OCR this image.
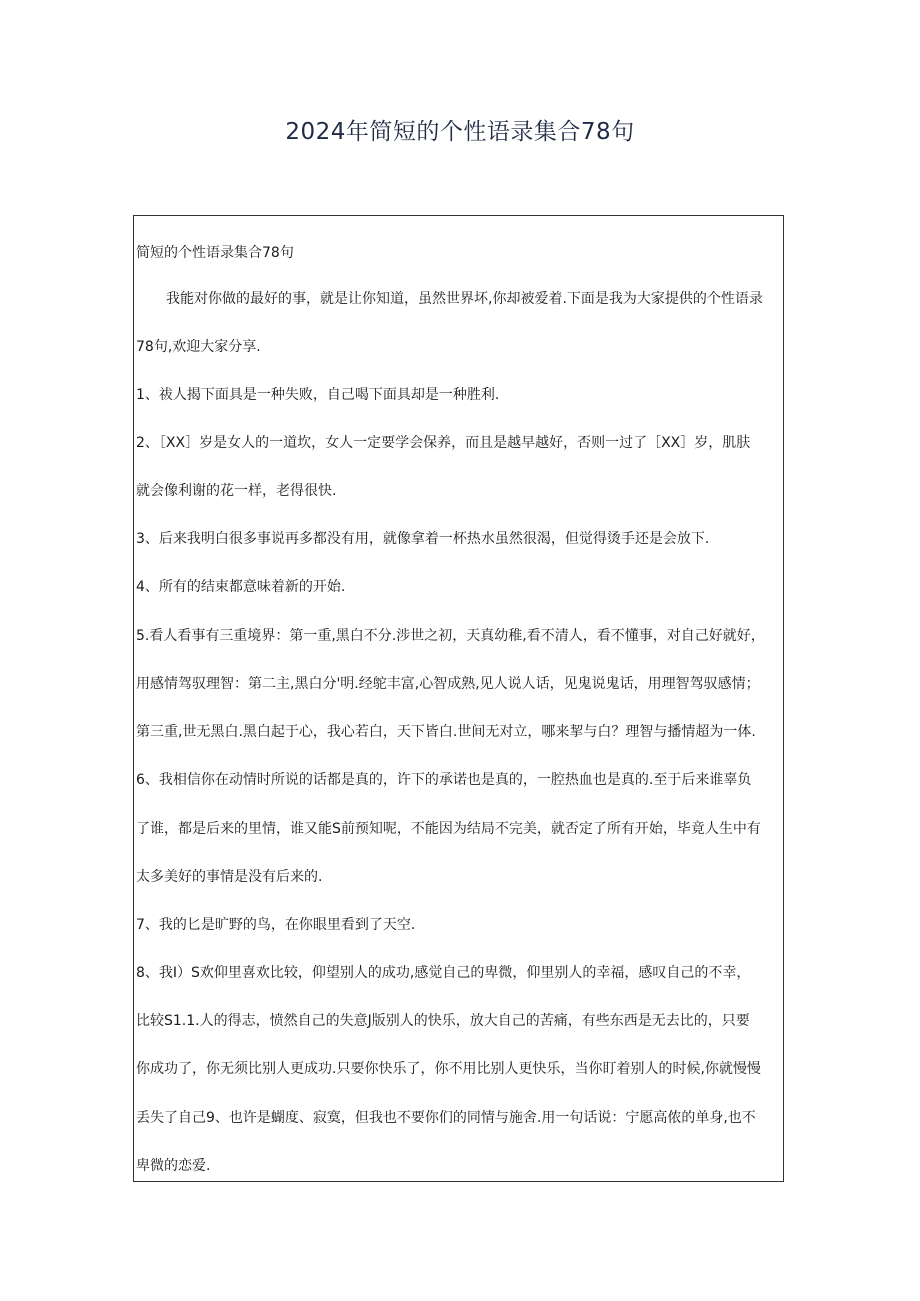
2024年简短的个性语录集合78句
简短的个性语录集合78句
我能对你做的最好的事，就是让你知道，虽然世界坏,你却被爱着.下面是我为大家提供的个性语录
78句,欢迎大家分享.
1、祓人揭下面具是一种失败，自己喝下面具却是一种胜利.
2、［XX］岁是女人的一道坎，女人一定要学会保养，而且是越早越好，否则一过了［XX］岁，肌肤
就会像利谢的花一样，老得很快.
3、后来我明白很多事说再多都没有用，就像拿着一杯热水虽然很渴，但觉得烫手还是会放下.
4、所有的结束都意味着新的开始.
5.看人看事有三重境界：第一重,黑白不分.涉世之初，天真幼稚,看不清人，看不懂事，对自己好就好，
用感情驾驭理智：第二主,黑白分'明.经鸵丰富,心智成熟,见人说人话，见鬼说鬼话，用理智驾驭感情；
第三重,世无黑白.黑白起于心，我心若白，天下皆白.世间无对立，哪来挈与白？理智与播情超为一体.
6、我相信你在动情时所说的话都是真的，许下的承诺也是真的，一腔热血也是真的.至于后来谁辜负
了谁，都是后来的里情，谁又能S前预知呢，不能因为结局不完美，就否定了所有开始，毕竟人生中有
太多美好的事情是没有后来的.
7、我的匕是旷野的鸟，在你眼里看到了天空.
8、我I）S欢仰里喜欢比较，仰望别人的成功,感觉自己的卑微，仰里别人的幸福，感叹自己的不幸，
比较S1.1.人的得志，愤然自己的失意J版别人的快乐，放大自己的苦痛，有些东西是无去比的，只要
你成功了，你无须比别人更成功.只要你快乐了，你不用比别人更快乐，当你盯着别人的时候,你就慢慢
丢失了自己9、也许是蝴度、寂寞，但我也不要你们的同情与施舍.用一句话说：宁愿高侬的单身,也不
卑微的恋爱.
